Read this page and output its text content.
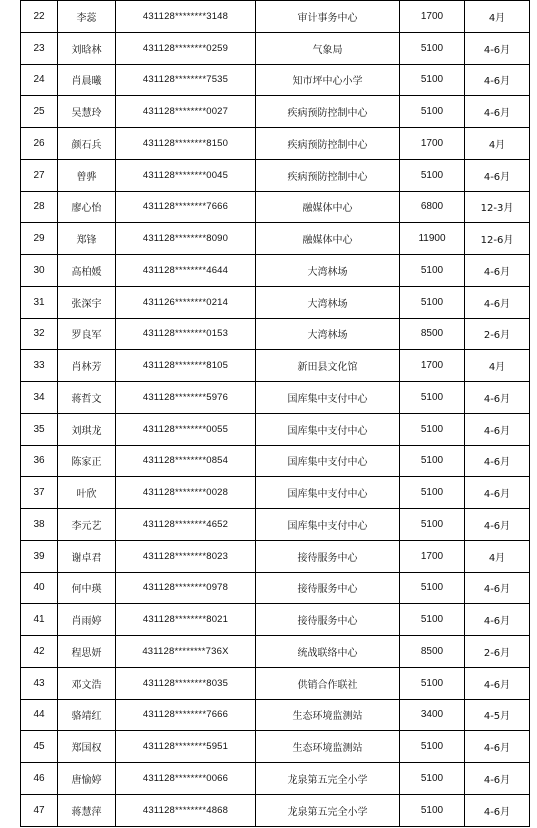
22	李蕊	431128********3148	审计事务中心	1700	4月
23	刘晗林	431128********0259	气象局	5100	4-6月
24	肖晨曦	431128********7535	知市坪中心小学	5100	4-6月
25	吴慧玲	431128********0027	疾病预防控制中心	5100	4-6月
26	颜石兵	431128********8150	疾病预防控制中心	1700	4月
27	曾骅	431128********0045	疾病预防控制中心	5100	4-6月
28	廖心怡	431128********7666	融媒体中心	6800	12-3月
29	郑锋	431128********8090	融媒体中心	11900	12-6月
30	高柏媛	431128********4644	大湾林场	5100	4-6月
31	张深宇	431126********0214	大湾林场	5100	4-6月
32	罗良军	431128********0153	大湾林场	8500	2-6月
33	肖林芳	431128********8105	新田县文化馆	1700	4月
34	蒋哲文	431128********5976	国库集中支付中心	5100	4-6月
35	刘琪龙	431128********0055	国库集中支付中心	5100	4-6月
36	陈家正	431128********0854	国库集中支付中心	5100	4-6月
37	叶欣	431128********0028	国库集中支付中心	5100	4-6月
38	李元艺	431128********4652	国库集中支付中心	5100	4-6月
39	谢卓君	431128********8023	接待服务中心	1700	4月
40	何中瑛	431128********0978	接待服务中心	5100	4-6月
41	肖雨婷	431128********8021	接待服务中心	5100	4-6月
42	程思妍	431128********736X	统战联络中心	8500	2-6月
43	邓文浩	431128********8035	供销合作联社	5100	4-6月
44	骆靖红	431128********7666	生态环境监测站	3400	4-5月
45	郑国权	431128********5951	生态环境监测站	5100	4-6月
46	唐愉婷	431128********0066	龙泉第五完全小学	5100	4-6月
47	蒋慧萍	431128********4868	龙泉第五完全小学	5100	4-6月
